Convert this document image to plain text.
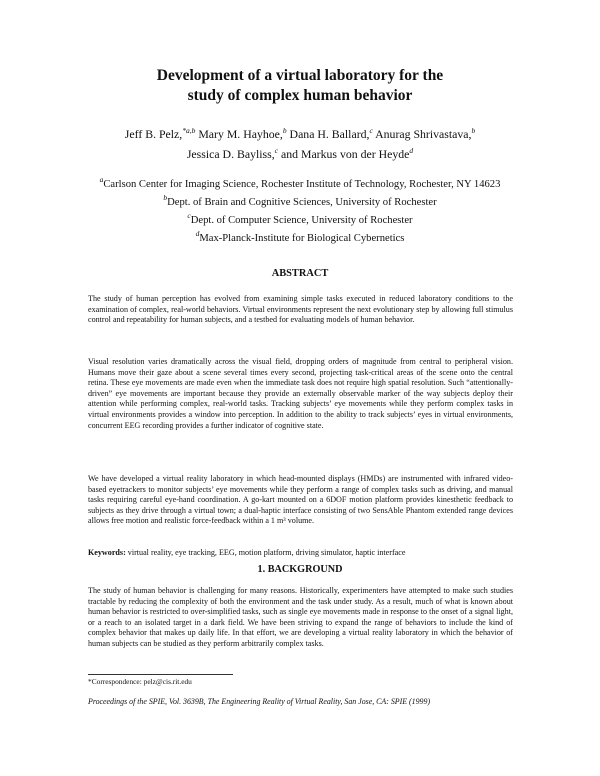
Development of a virtual laboratory for the
study of complex human behavior
Jeff B. Pelz,$^{*a,b}$ Mary M. Hayhoe,$^b$ Dana H. Ballard,$^c$ Anurag Shrivastava,$^b$
Jessica D. Bayliss,$^c$ and Markus von der Heyde$^d$
$^a$Carlson Center for Imaging Science, Rochester Institute of Technology, Rochester, NY 14623
$^b$Dept. of Brain and Cognitive Sciences, University of Rochester
$^c$Dept. of Computer Science, University of Rochester
$^d$Max-Planck-Institute for Biological Cybernetics
ABSTRACT

The study of human perception has evolved from examining simple tasks executed in reduced laboratory conditions to the examination of complex, real-world behaviors. Virtual environments represent the next evolutionary step by allowing full stimulus control and repeatability for human subjects, and a testbed for evaluating models of human behavior.

Visual resolution varies dramatically across the visual field, dropping orders of magnitude from central to peripheral vision. Humans move their gaze about a scene several times every second, projecting task-critical areas of the scene onto the central retina. These eye movements are made even when the immediate task does not require high spatial resolution. Such “attentionally-driven” eye movements are important because they provide an externally observable marker of the way subjects deploy their attention while performing complex, real-world tasks. Tracking subjects’ eye movements while they perform complex tasks in virtual environments provides a window into perception. In addition to the ability to track subjects’ eyes in virtual environments, concurrent EEG recording provides a further indicator of cognitive state.

We have developed a virtual reality laboratory in which head-mounted displays (HMDs) are instrumented with infrared video-based eyetrackers to monitor subjects’ eye movements while they perform a range of complex tasks such as driving, and manual tasks requiring careful eye-hand coordination. A go-kart mounted on a 6DOF motion platform provides kinesthetic feedback to subjects as they drive through a virtual town; a dual-haptic interface consisting of two SensAble Phantom extended range devices allows free motion and realistic force-feedback within a 1 m³ volume.

Keywords: virtual reality, eye tracking, EEG, motion platform, driving simulator, haptic interface
1. BACKGROUND

The study of human behavior is challenging for many reasons. Historically, experimenters have attempted to make such studies tractable by reducing the complexity of both the environment and the task under study. As a result, much of what is known about human behavior is restricted to over-simplified tasks, such as single eye movements made in response to the onset of a signal light, or a reach to an isolated target in a dark field. We have been striving to expand the range of behaviors to include the kind of complex behavior that makes up daily life. In that effort, we are developing a virtual reality laboratory in which the behavior of human subjects can be studied as they perform arbitrarily complex tasks.

*Correspondence: pelz@cis.rit.edu
Proceedings of the SPIE, Vol. 3639B, The Engineering Reality of Virtual Reality, San Jose, CA: SPIE (1999)
